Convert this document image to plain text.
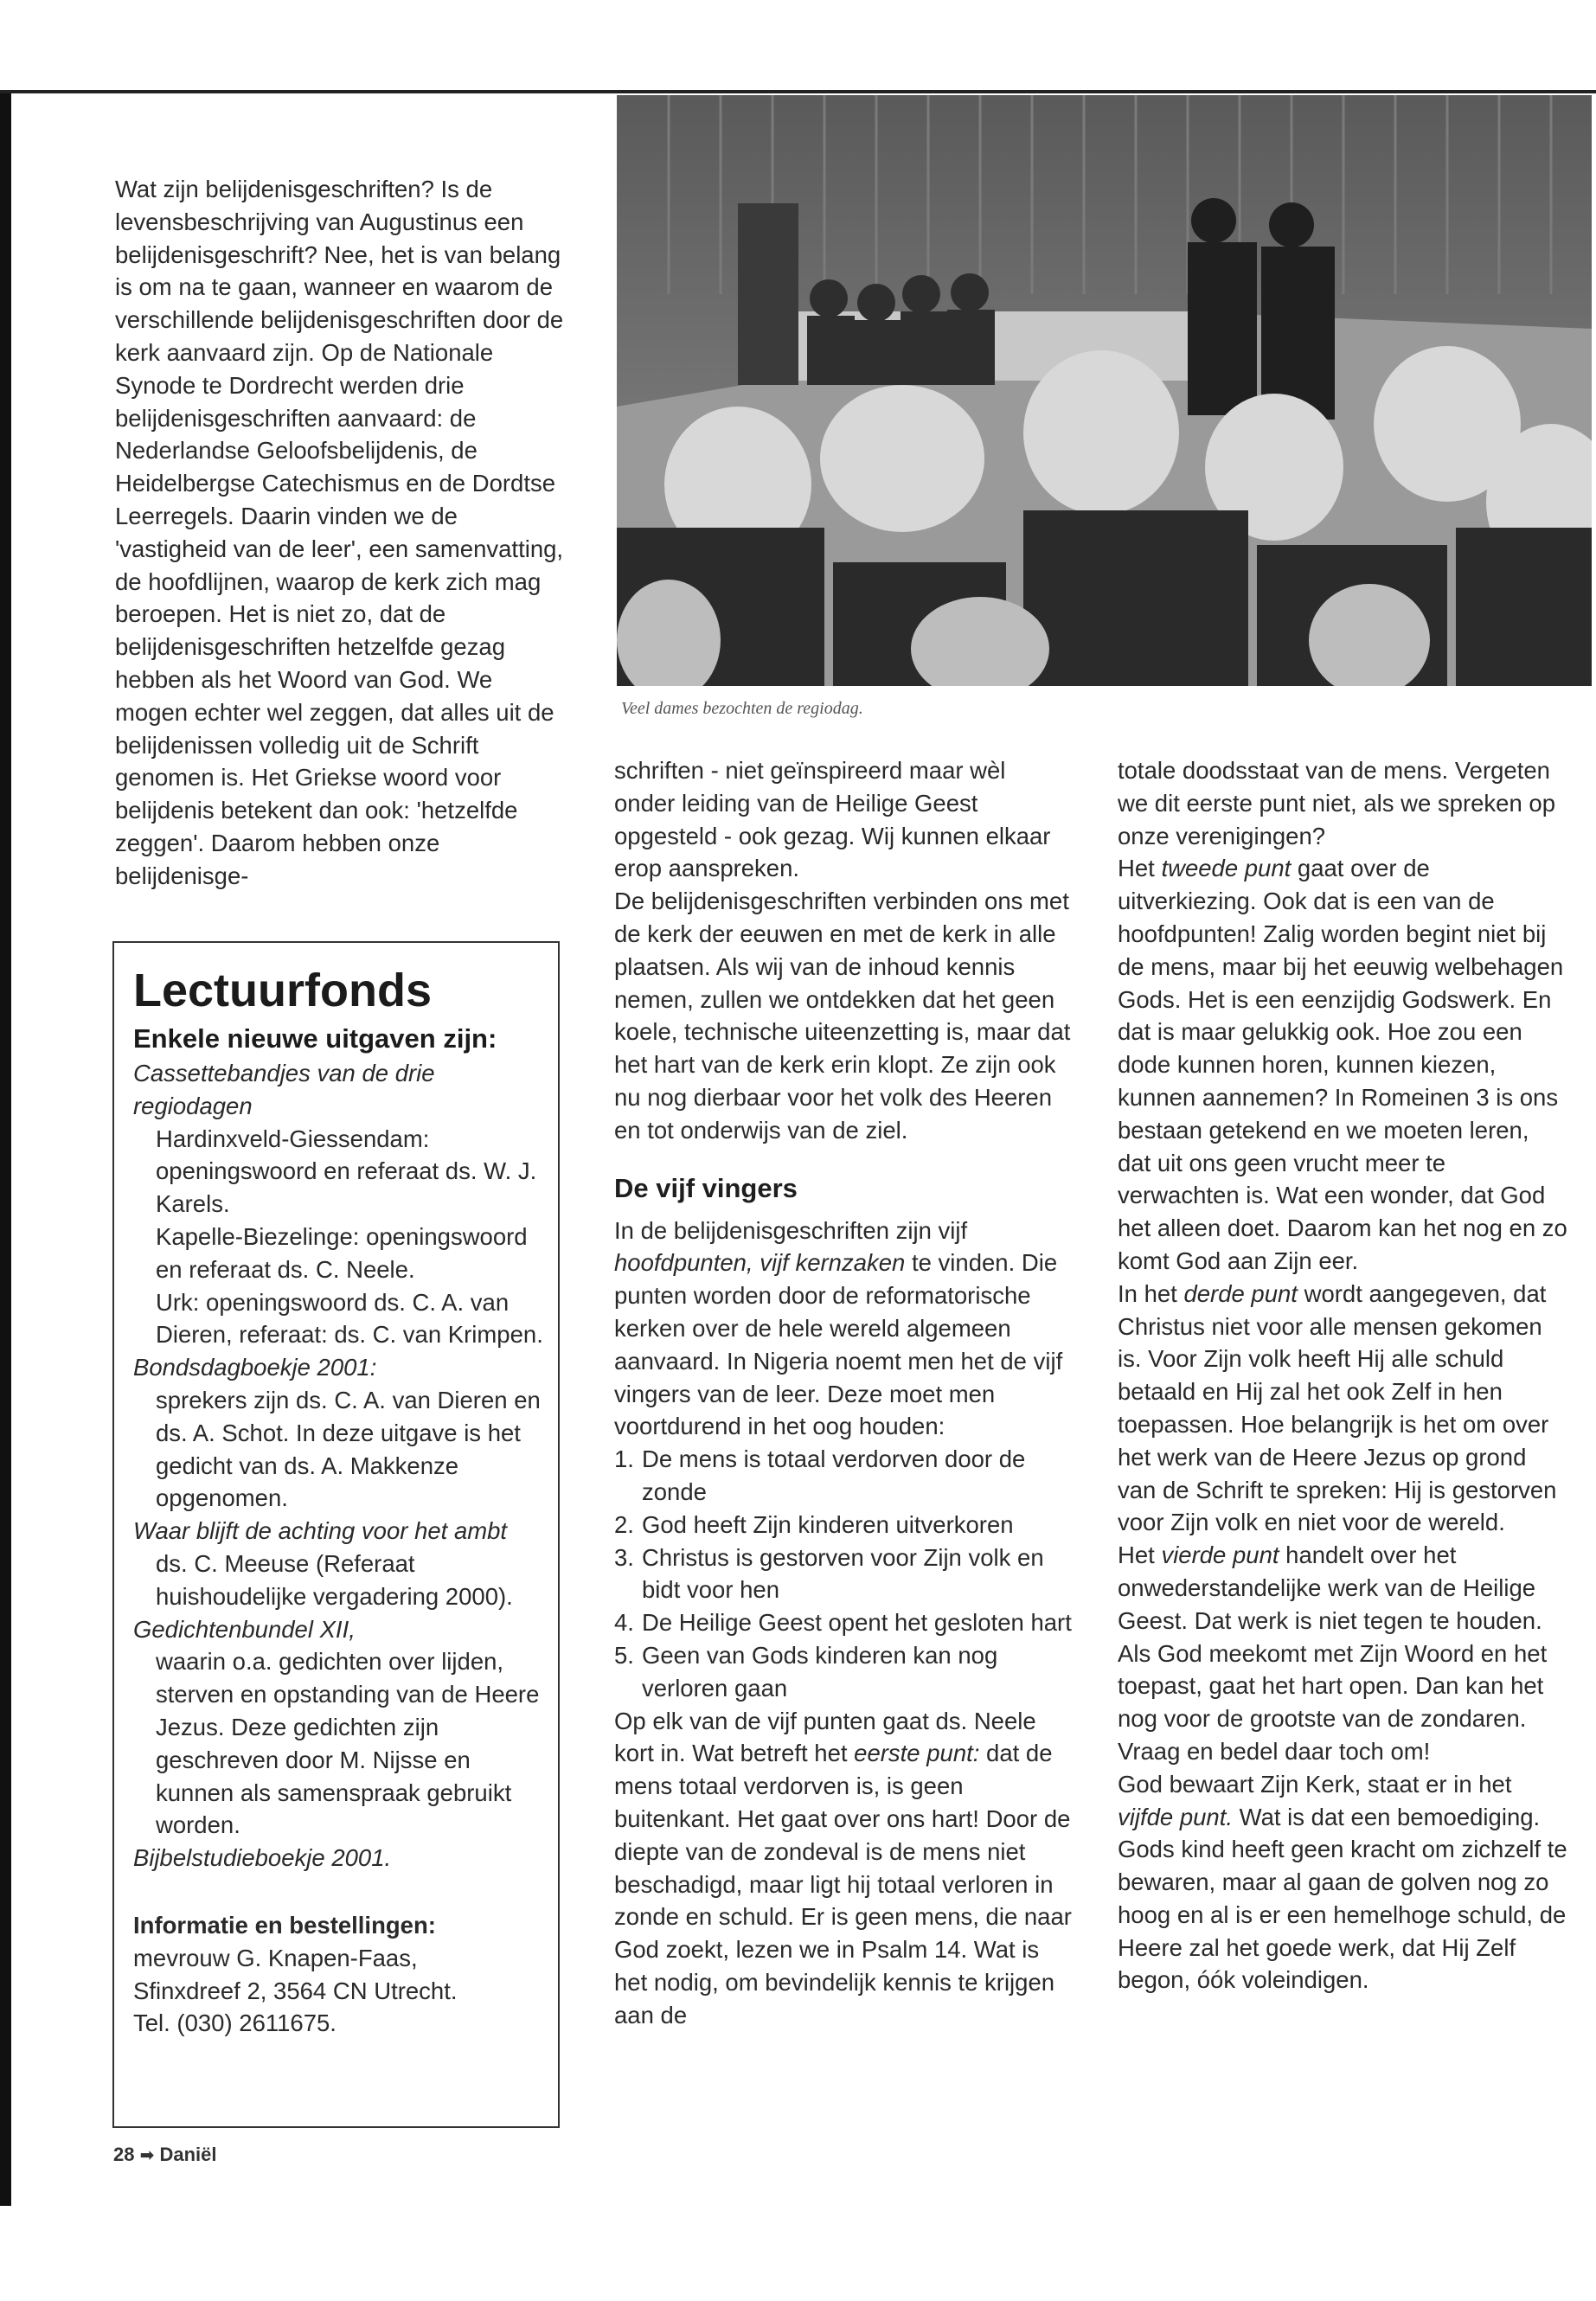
Wat zijn belijdenisgeschriften? Is de levensbeschrijving van Augustinus een belijdenisgeschrift? Nee, het is van belang is om na te gaan, wanneer en waarom de verschillende belijdenisgeschriften door de kerk aanvaard zijn. Op de Nationale Synode te Dordrecht werden drie belijdenisgeschriften aanvaard: de Nederlandse Geloofsbelijdenis, de Heidelbergse Catechismus en de Dordtse Leerregels. Daarin vinden we de 'vastigheid van de leer', een samenvatting, de hoofdlijnen, waarop de kerk zich mag beroepen. Het is niet zo, dat de belijdenisgeschriften hetzelfde gezag hebben als het Woord van God. We mogen echter wel zeggen, dat alles uit de belijdenissen volledig uit de Schrift genomen is. Het Griekse woord voor belijdenis betekent dan ook: 'hetzelfde zeggen'. Daarom hebben onze belijdenisge-

Veel dames bezochten de regiodag.
Lectuurfonds
Enkele nieuwe uitgaven zijn:
Cassettebandjes van de drie regiodagen
Hardinxveld-Giessendam: openingswoord en referaat ds. W. J. Karels.
Kapelle-Biezelinge: openingswoord en referaat ds. C. Neele.
Urk: openingswoord ds. C. A. van Dieren, referaat: ds. C. van Krimpen.
Bondsdagboekje 2001:
sprekers zijn ds. C. A. van Dieren en ds. A. Schot. In deze uitgave is het gedicht van ds. A. Makkenze opgenomen.
Waar blijft de achting voor het ambt
ds. C. Meeuse (Referaat huishoudelijke vergadering 2000).
Gedichtenbundel XII,
waarin o.a. gedichten over lijden, sterven en opstanding van de Heere Jezus. Deze gedichten zijn geschreven door M. Nijsse en kunnen als samenspraak gebruikt worden.
Bijbelstudieboekje 2001.
Informatie en bestellingen:
mevrouw G. Knapen-Faas,
Sfinxdreef 2, 3564 CN Utrecht.
Tel. (030) 2611675.

schriften - niet geïnspireerd maar wèl onder leiding van de Heilige Geest opgesteld - ook gezag. Wij kunnen elkaar erop aanspreken.

De belijdenisgeschriften verbinden ons met de kerk der eeuwen en met de kerk in alle plaatsen. Als wij van de inhoud kennis nemen, zullen we ontdekken dat het geen koele, technische uiteenzetting is, maar dat het hart van de kerk erin klopt. Ze zijn ook nu nog dierbaar voor het volk des Heeren en tot onderwijs van de ziel.

De vijf vingers

In de belijdenisgeschriften zijn vijf hoofdpunten, vijf kernzaken te vinden. Die punten worden door de reformatorische kerken over de hele wereld algemeen aanvaard. In Nigeria noemt men het de vijf vingers van de leer. Deze moet men voortdurend in het oog houden:

1. De mens is totaal verdorven door de zonde
2. God heeft Zijn kinderen uitverkoren
3. Christus is gestorven voor Zijn volk en bidt voor hen
4. De Heilige Geest opent het gesloten hart
5. Geen van Gods kinderen kan nog verloren gaan

Op elk van de vijf punten gaat ds. Neele kort in. Wat betreft het eerste punt: dat de mens totaal verdorven is, is geen buitenkant. Het gaat over ons hart! Door de diepte van de zondeval is de mens niet beschadigd, maar ligt hij totaal verloren in zonde en schuld. Er is geen mens, die naar God zoekt, lezen we in Psalm 14. Wat is het nodig, om bevindelijk kennis te krijgen aan de

totale doodsstaat van de mens. Vergeten we dit eerste punt niet, als we spreken op onze verenigingen?

Het tweede punt gaat over de uitverkiezing. Ook dat is een van de hoofdpunten! Zalig worden begint niet bij de mens, maar bij het eeuwig welbehagen Gods. Het is een eenzijdig Godswerk. En dat is maar gelukkig ook. Hoe zou een dode kunnen horen, kunnen kiezen, kunnen aannemen? In Romeinen 3 is ons bestaan getekend en we moeten leren, dat uit ons geen vrucht meer te verwachten is. Wat een wonder, dat God het alleen doet. Daarom kan het nog en zo komt God aan Zijn eer.

In het derde punt wordt aangegeven, dat Christus niet voor alle mensen gekomen is. Voor Zijn volk heeft Hij alle schuld betaald en Hij zal het ook Zelf in hen toepassen. Hoe belangrijk is het om over het werk van de Heere Jezus op grond van de Schrift te spreken: Hij is gestorven voor Zijn volk en niet voor de wereld.

Het vierde punt handelt over het onwederstandelijke werk van de Heilige Geest. Dat werk is niet tegen te houden. Als God meekomt met Zijn Woord en het toepast, gaat het hart open. Dan kan het nog voor de grootste van de zondaren. Vraag en bedel daar toch om!

God bewaart Zijn Kerk, staat er in het vijfde punt. Wat is dat een bemoediging. Gods kind heeft geen kracht om zichzelf te bewaren, maar al gaan de golven nog zo hoog en al is er een hemelhoge schuld, de Heere zal het goede werk, dat Hij Zelf begon, óók voleindigen.

28 ➡ Daniël
